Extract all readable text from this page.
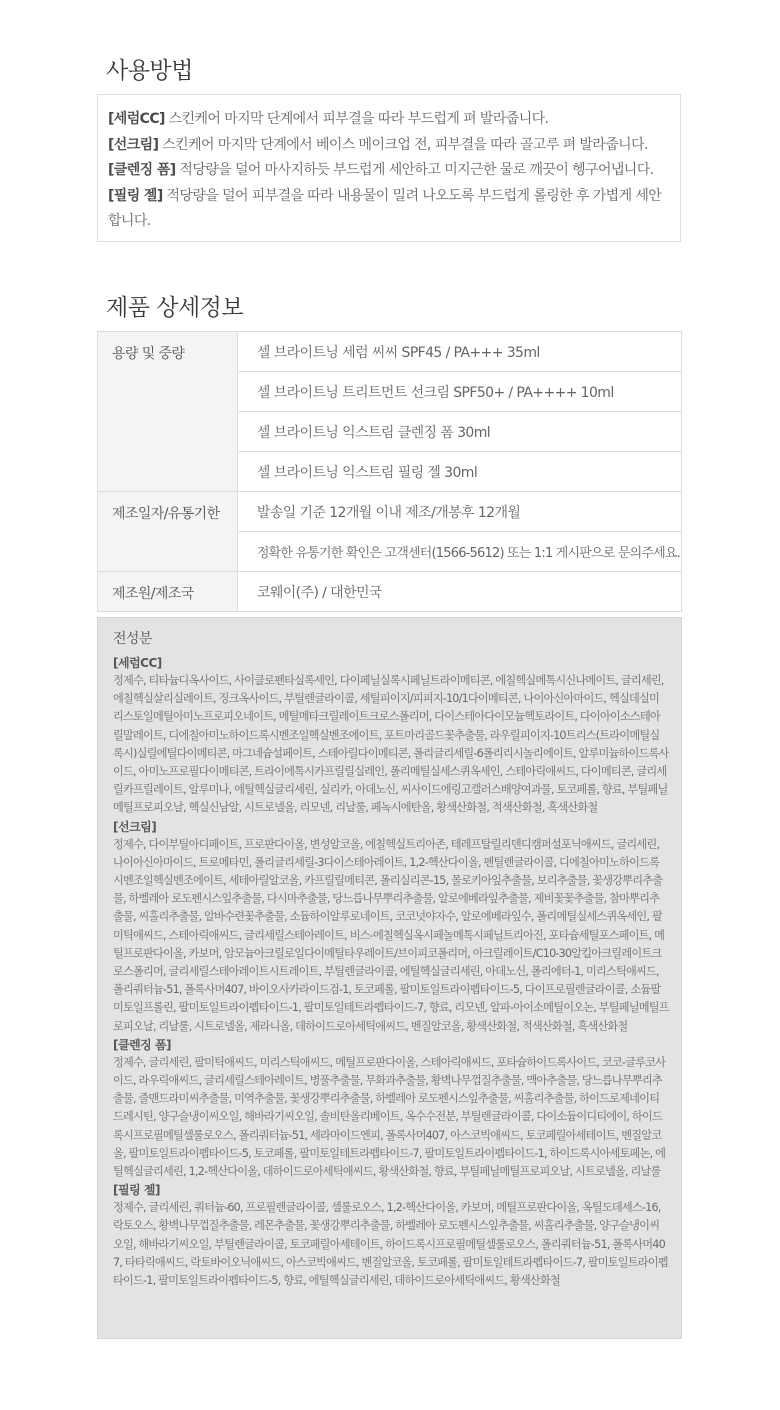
사용방법

[세럼CC] 스킨케어 마지막 단계에서 피부결을 따라 부드럽게 펴 발라줍니다.

[선크림] 스킨케어 마지막 단계에서 베이스 메이크업 전, 피부결을 따라 골고루 펴 발라줍니다.

[클렌징 폼] 적당량을 덜어 마사지하듯 부드럽게 세안하고 미지근한 물로 깨끗이 헹구어냅니다.

[필링 젤] 적당량을 덜어 피부결을 따라 내용물이 밀려 나오도록 부드럽게 롤링한 후 가볍게 세안합니다.

제품 상세정보
용량 및 중량	셀 브라이트닝 세럼 씨씨 SPF45 / PA+++ 35ml
	셀 브라이트닝 트리트먼트 선크림 SPF50+ / PA++++ 10ml
	셀 브라이트닝 익스트림 클렌징 폼 30ml
	셀 브라이트닝 익스트림 필링 젤 30ml
제조일자/유통기한	발송일 기준 12개월 이내 제조/개봉후 12개월
	정확한 유통기한 확인은 고객센터(1566-5612) 또는 1:1 게시판으로 문의주세요.
제조원/제조국	코웨이(주) / 대한민국

전성분

[세럼CC]

정제수, 티타늄디옥사이드, 사이클로펜타실록세인, 다이페닐실록시페닐트라이메티콘, 에칠헥실메톡시신나메이트, 글리세린, 에칠헥실살리실레이트, 징크옥사이드, 부틸렌글라이콜, 세틸피이지/피피지-10/1다이메티콘, 나이아신아마이드, 헥실데실미리스토일메틸아미노프로피오네이트, 메틸메타크릴레이트크로스폴리머, 다이스테아다이모늄헥토라이트, 다이아이소스테아릴말레이트, 디에칠아미노하이드록시벤조일헥실벤조에이트, 포트마리골드꽃추출물, 라우릴피이지-10트리스(트라이메틸실록시)실릴에틸다이메티콘, 마그네슘설페이트, 스테아릴다이메티콘, 폴리글리세릴-6폴리리시놀리에이트, 알루미늄하이드록사이드, 아미노프로필다이메티콘, 트라이에톡시카프릴릴실레인, 폴리메틸실세스퀴옥세인, 스테아릭애씨드, 다이메티콘, 글리세릴카프릴레이트, 알루미나, 에틸헥실글리세린, 실리카, 아데노신, 씨사이드에링고캘러스배양여과물, 토코페롤, 향료, 부틸페닐메틸프로피오날, 헥실신남알, 시트로넬올, 리모넨, 리날룰, 페녹시에탄올, 황색산화철, 적색산화철, 흑색산화철

[선크림]

정제수, 다이부틸아디페이트, 프로판다이올, 변성알코올, 에칠헥실트리아존, 테레프탈릴리덴디캠퍼설포닉애씨드, 글리세린, 나이아신아마이드, 트로메타민, 폴리글리세릴-3다이스테아레이트, 1,2-헥산다이올, 펜틸렌글라이콜, 디에칠아미노하이드록시벤조일헥실벤조에이트, 세테아릴알코올, 카프릴릴메티콘, 폴리실리콘-15, 몰로키아잎추출물, 보리추출물, 꽃생강뿌리추출물, 하벨레아 로도펜시스잎추출물, 다시마추출물, 당느릅나무뿌리추출물, 알로에베라잎추출물, 제비꽃꽃추출물, 참마뿌리추출물, 씨홀리추출물, 알바수련꽃추출물, 소듐하이알루로네이트, 코코넛야자수, 알로에베라잎수, 폴리메틸실세스퀴옥세인, 팔미틱애씨드, 스테아릭애씨드, 글리세릴스테아레이트, 비스-에칠헥실옥시페놀메톡시페닐트리아진, 포타슘세틸포스페이트, 메틸프로판다이올, 카보머, 암모늄아크릴로일다이메틸타우레이트/브이피코폴리머, 아크릴레이트/C10-30알킬아크릴레이트크로스폴리머, 글리세릴스테아레이트시트레이트, 부틸렌글라이콜, 에틸헥실글리세린, 아데노신, 폴리에터-1, 미리스틱애씨드, 폴리쿼터늄-51, 폴록사머407, 바이오사카라이드검-1, 토코페롤, 팔미토일트라이펩타이드-5, 다이프로필렌글라이콜, 소듐팔미토일프롤린, 팔미토일트라이펩타이드-1, 팔미토일테트라펩타이드-7, 향료, 리모넨, 알파-아이소메틸이오논, 부틸페닐메틸프로피오날, 리날룰, 시트로넬올, 제라니올, 데하이드로아세틱애씨드, 벤질알코올, 황색산화철, 적색산화철, 흑색산화철

[클렌징 폼]

정제수, 글리세린, 팔미틱애씨드, 미리스틱애씨드, 메틸프로판다이올, 스테아릭애씨드, 포타슘하이드록사이드, 코코-글루코사이드, 라우릭애씨드, 글리세릴스테아레이트, 병풀추출물, 무화과추출물, 황벽나무껍질추출물, 맥아추출물, 당느릅나무뿌리추출물, 줄맨드라미씨추출물, 미역추출물, 꽃생강뿌리추출물, 하벨레아 로도펜시스잎추출물, 씨홀리추출물, 하이드로제네이티드레시틴, 양구슬냉이씨오일, 해바라기씨오일, 솔비탄올리베이트, 옥수수전분, 부틸렌글라이콜, 다이소듐이디티에이, 하이드록시프로필메틸셀룰로오스, 폴리쿼터늄-51, 세라마이드엔피, 폴록사머407, 아스코빅애씨드, 토코페릴아세테이트, 벤질알코올, 팔미토일트라이펩타이드-5, 토코페롤, 팔미토일테트라펩타이드-7, 팔미토일트라이펩타이드-1, 하이드록시아세토페논, 에틸헥실글리세린, 1,2-헥산다이올, 데하이드로아세틱애씨드, 황색산화철, 향료, 부틸페닐메틸프로피오날, 시트로넬올, 리날룰

[필링 젤]

정제수, 글리세린, 쿼터늄-60, 프로필렌글라이콜, 셀룰로오스, 1,2-헥산다이올, 카보머, 메틸프로판다이올, 옥틸도데세스-16, 락토오스, 황벽나무껍질추출물, 레몬추출물, 꽃생강뿌리추출물, 하벨레아 로도펜시스잎추출물, 씨홀리추출물, 양구슬냉이씨오일, 해바라기씨오일, 부틸렌글라이콜, 토코페릴아세테이트, 하이드록시프로필메틸셀룰로오스, 폴리쿼터늄-51, 폴록사머407, 타타릭애씨드, 락토바이오닉애씨드, 아스코빅애씨드, 벤질알코올, 토코페롤, 팔미토일테트라펩타이드-7, 팔미토일트라이펩타이드-1, 팔미토일트라이펩타이드-5, 향료, 에틸헥실글리세린, 데하이드로아세틱애씨드, 황색산화철
